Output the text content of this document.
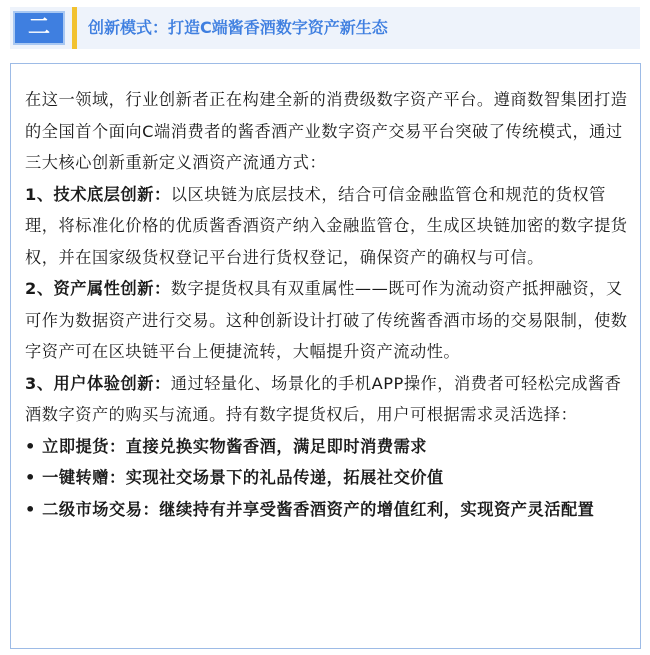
二	创新模式：打造C端酱香酒数字资产新生态

在这一领域，行业创新者正在构建全新的消费级数字资产平台。遵商数智集团打造的全国首个面向C端消费者的酱香酒产业数字资产交易平台突破了传统模式，通过三大核心创新重新定义酒资产流通方式：

1、技术底层创新：以区块链为底层技术，结合可信金融监管仓和规范的货权管理，将标准化价格的优质酱香酒资产纳入金融监管仓，生成区块链加密的数字提货权，并在国家级货权登记平台进行货权登记，确保资产的确权与可信。

2、资产属性创新：数字提货权具有双重属性——既可作为流动资产抵押融资，又可作为数据资产进行交易。这种创新设计打破了传统酱香酒市场的交易限制，使数字资产可在区块链平台上便捷流转，大幅提升资产流动性。

3、用户体验创新：通过轻量化、场景化的手机APP操作，消费者可轻松完成酱香酒数字资产的购买与流通。持有数字提货权后，用户可根据需求灵活选择：

• 立即提货：直接兑换实物酱香酒，满足即时消费需求

• 一键转赠：实现社交场景下的礼品传递，拓展社交价值

• 二级市场交易：继续持有并享受酱香酒资产的增值红利，实现资产灵活配置
